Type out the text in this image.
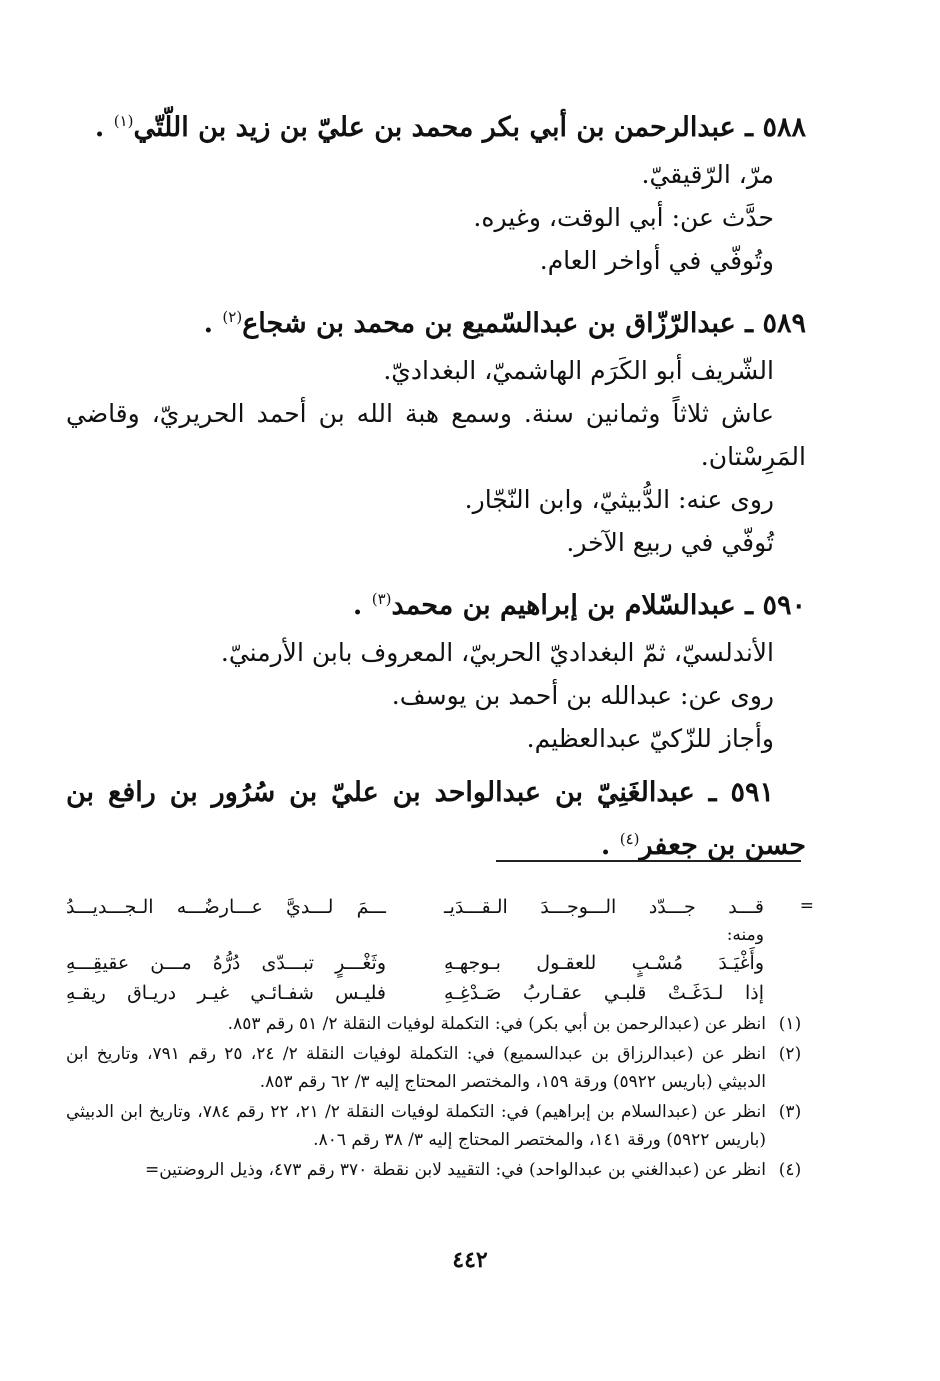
٥٨٨ ـ عبدالرحمن بن أبي بكر محمد بن عليّ بن زيد بن اللّتّي$^{(١)}$ .

مرّ، الرّقيقيّ.

حدَّث عن: أبي الوقت، وغيره.

وتُوفّي في أواخر العام.

٥٨٩ ـ عبدالرّزّاق بن عبدالسّميع بن محمد بن شجاع$^{(٢)}$ .

الشّريف أبو الكَرَم الهاشميّ، البغداديّ.

عاش ثلاثاً وثمانين سنة. وسمع هبة الله بن أحمد الحريريّ، وقاضي المَرِسْتان.

روى عنه: الدُّبيثيّ، وابن النّجّار.

تُوفّي في ربيع الآخر.

٥٩٠ ـ عبدالسّلام بن إبراهيم بن محمد$^{(٣)}$ .

الأندلسيّ، ثمّ البغداديّ الحربيّ، المعروف بابن الأرمنيّ.

روى عن: عبدالله بن أحمد بن يوسف.

وأجاز للزّكيّ عبدالعظيم.

٥٩١ ـ عبدالغَنِيّ بن عبدالواحد بن عليّ بن سُرُور بن رافع بن حسن بن جعفر$^{(٤)}$ .

=
قـــد جـــدّد الـــوجـــدَ الـقـــدَيـ
ـــمَ لـــديَّ عـــارضُـــه الـجـــديـــدُ
ومنه:
وأَغْيَـدَ مُسْـبٍ للعقـول بـوجهـهِ
وثَغْـــرٍ تبـــدّى دُرُّهُ مـــن عقيقِـــهِ
إذا لـدَغَـتْ قلبـي عقـاربُ صَـدْغِـهِ
فليـس شفـائـي غيـر دريـاق ريقـهِ
(١)
انظر عن (عبدالرحمن بن أبي بكر) في: التكملة لوفيات النقلة ٢/ ٥١ رقم ٨٥٣.
(٢)
انظر عن (عبدالرزاق بن عبدالسميع) في: التكملة لوفيات النقلة ٢/ ٢٤، ٢٥ رقم ٧٩١، وتاريخ ابن الدبيثي (باريس ٥٩٢٢) ورقة ١٥٩، والمختصر المحتاج إليه ٣/ ٦٢ رقم ٨٥٣.
(٣)
انظر عن (عبدالسلام بن إبراهيم) في: التكملة لوفيات النقلة ٢/ ٢١، ٢٢ رقم ٧٨٤، وتاريخ ابن الدبيثي (باريس ٥٩٢٢) ورقة ١٤١، والمختصر المحتاج إليه ٣/ ٣٨ رقم ٨٠٦.
(٤)
انظر عن (عبدالغني بن عبدالواحد) في: التقييد لابن نقطة ٣٧٠ رقم ٤٧٣، وذيل الروضتين=
٤٤٢
